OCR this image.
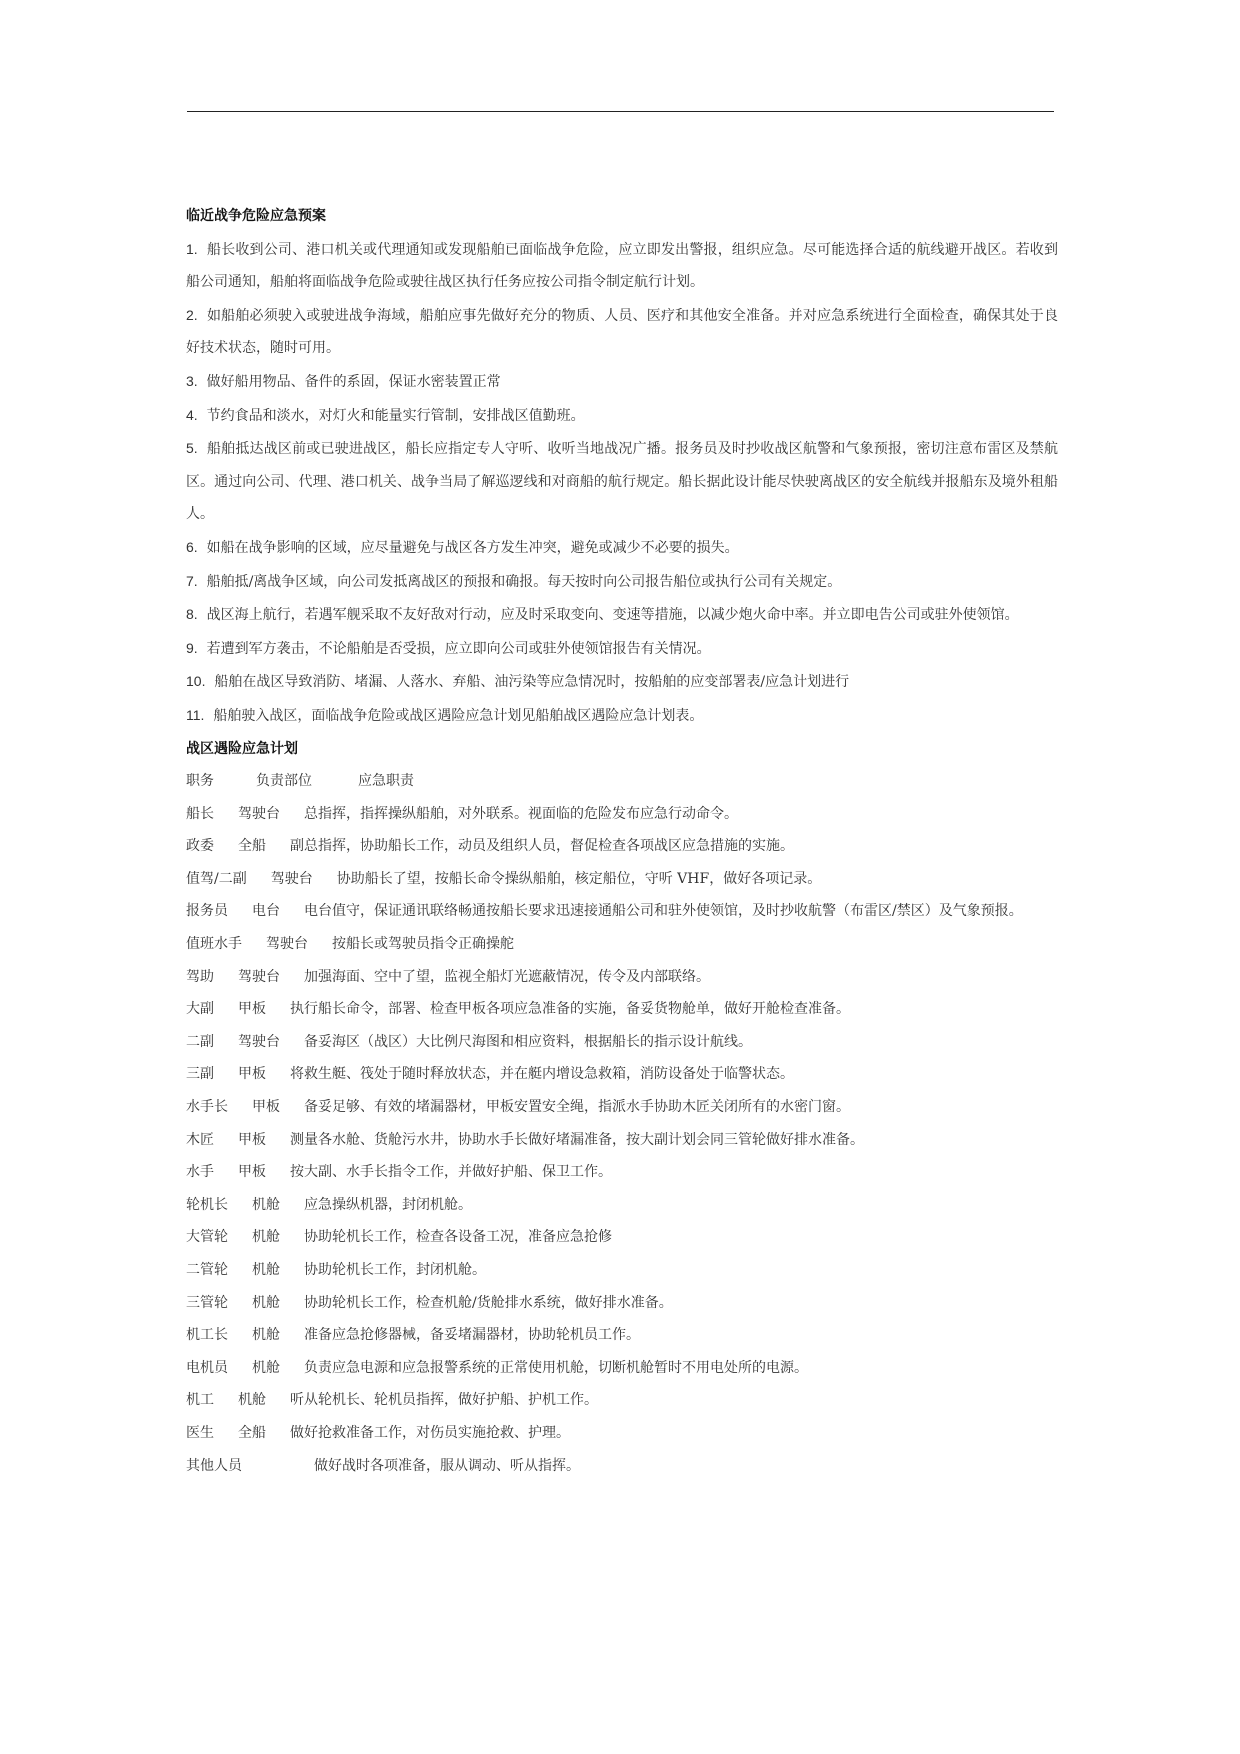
临近战争危险应急预案
1. 船长收到公司、港口机关或代理通知或发现船舶已面临战争危险，应立即发出警报，组织应急。尽可能选择合适的航线避开战区。若收到船公司通知，船舶将面临战争危险或驶往战区执行任务应按公司指令制定航行计划。
2. 如船舶必须驶入或驶进战争海域，船舶应事先做好充分的物质、人员、医疗和其他安全准备。并对应急系统进行全面检查，确保其处于良好技术状态，随时可用。
3. 做好船用物品、备件的系固，保证水密装置正常
4. 节约食品和淡水，对灯火和能量实行管制，安排战区值勤班。
5. 船舶抵达战区前或已驶进战区，船长应指定专人守听、收听当地战况广播。报务员及时抄收战区航警和气象预报，密切注意布雷区及禁航区。通过向公司、代理、港口机关、战争当局了解巡逻线和对商船的航行规定。船长据此设计能尽快驶离战区的安全航线并报船东及境外租船人。
6. 如船在战争影响的区域，应尽量避免与战区各方发生冲突，避免或减少不必要的损失。
7. 船舶抵/离战争区域，向公司发抵离战区的预报和确报。每天按时向公司报告船位或执行公司有关规定。
8. 战区海上航行，若遇军舰采取不友好敌对行动，应及时采取变向、变速等措施，以减少炮火命中率。并立即电告公司或驻外使领馆。
9. 若遭到军方袭击，不论船舶是否受损，应立即向公司或驻外使领馆报告有关情况。
10. 船舶在战区导致消防、堵漏、人落水、弃船、油污染等应急情况时，按船舶的应变部署表/应急计划进行
11. 船舶驶入战区，面临战争危险或战区遇险应急计划见船舶战区遇险应急计划表。
战区遇险应急计划
职务	负责部位	应急职责
船长 驾驶台 总指挥，指挥操纵船舶，对外联系。视面临的危险发布应急行动命令。
政委 全船 副总指挥，协助船长工作，动员及组织人员，督促检查各项战区应急措施的实施。
值驾/二副 驾驶台 协助船长了望，按船长命令操纵船舶，核定船位，守听 VHF，做好各项记录。
报务员 电台 电台值守，保证通讯联络畅通按船长要求迅速接通船公司和驻外使领馆，及时抄收航警（布雷区/禁区）及气象预报。
值班水手 驾驶台 按船长或驾驶员指令正确操舵
驾助 驾驶台 加强海面、空中了望，监视全船灯光遮蔽情况，传令及内部联络。
大副 甲板 执行船长命令，部署、检查甲板各项应急准备的实施，备妥货物舱单，做好开舱检查准备。
二副 驾驶台 备妥海区（战区）大比例尺海图和相应资料，根据船长的指示设计航线。
三副 甲板 将救生艇、筏处于随时释放状态，并在艇内增设急救箱，消防设备处于临警状态。
水手长 甲板 备妥足够、有效的堵漏器材，甲板安置安全绳，指派水手协助木匠关闭所有的水密门窗。
木匠 甲板 测量各水舱、货舱污水井，协助水手长做好堵漏准备，按大副计划会同三管轮做好排水准备。
水手 甲板 按大副、水手长指令工作，并做好护船、保卫工作。
轮机长 机舱 应急操纵机器，封闭机舱。
大管轮 机舱 协助轮机长工作，检查各设备工况，准备应急抢修
二管轮 机舱 协助轮机长工作，封闭机舱。
三管轮 机舱 协助轮机长工作，检查机舱/货舱排水系统，做好排水准备。
机工长 机舱 准备应急抢修器械，备妥堵漏器材，协助轮机员工作。
电机员 机舱 负责应急电源和应急报警系统的正常使用机舱，切断机舱暂时不用电处所的电源。
机工 机舱 听从轮机长、轮机员指挥，做好护船、护机工作。
医生 全船 做好抢救准备工作，对伤员实施抢救、护理。
其他人员	做好战时各项准备，服从调动、听从指挥。
